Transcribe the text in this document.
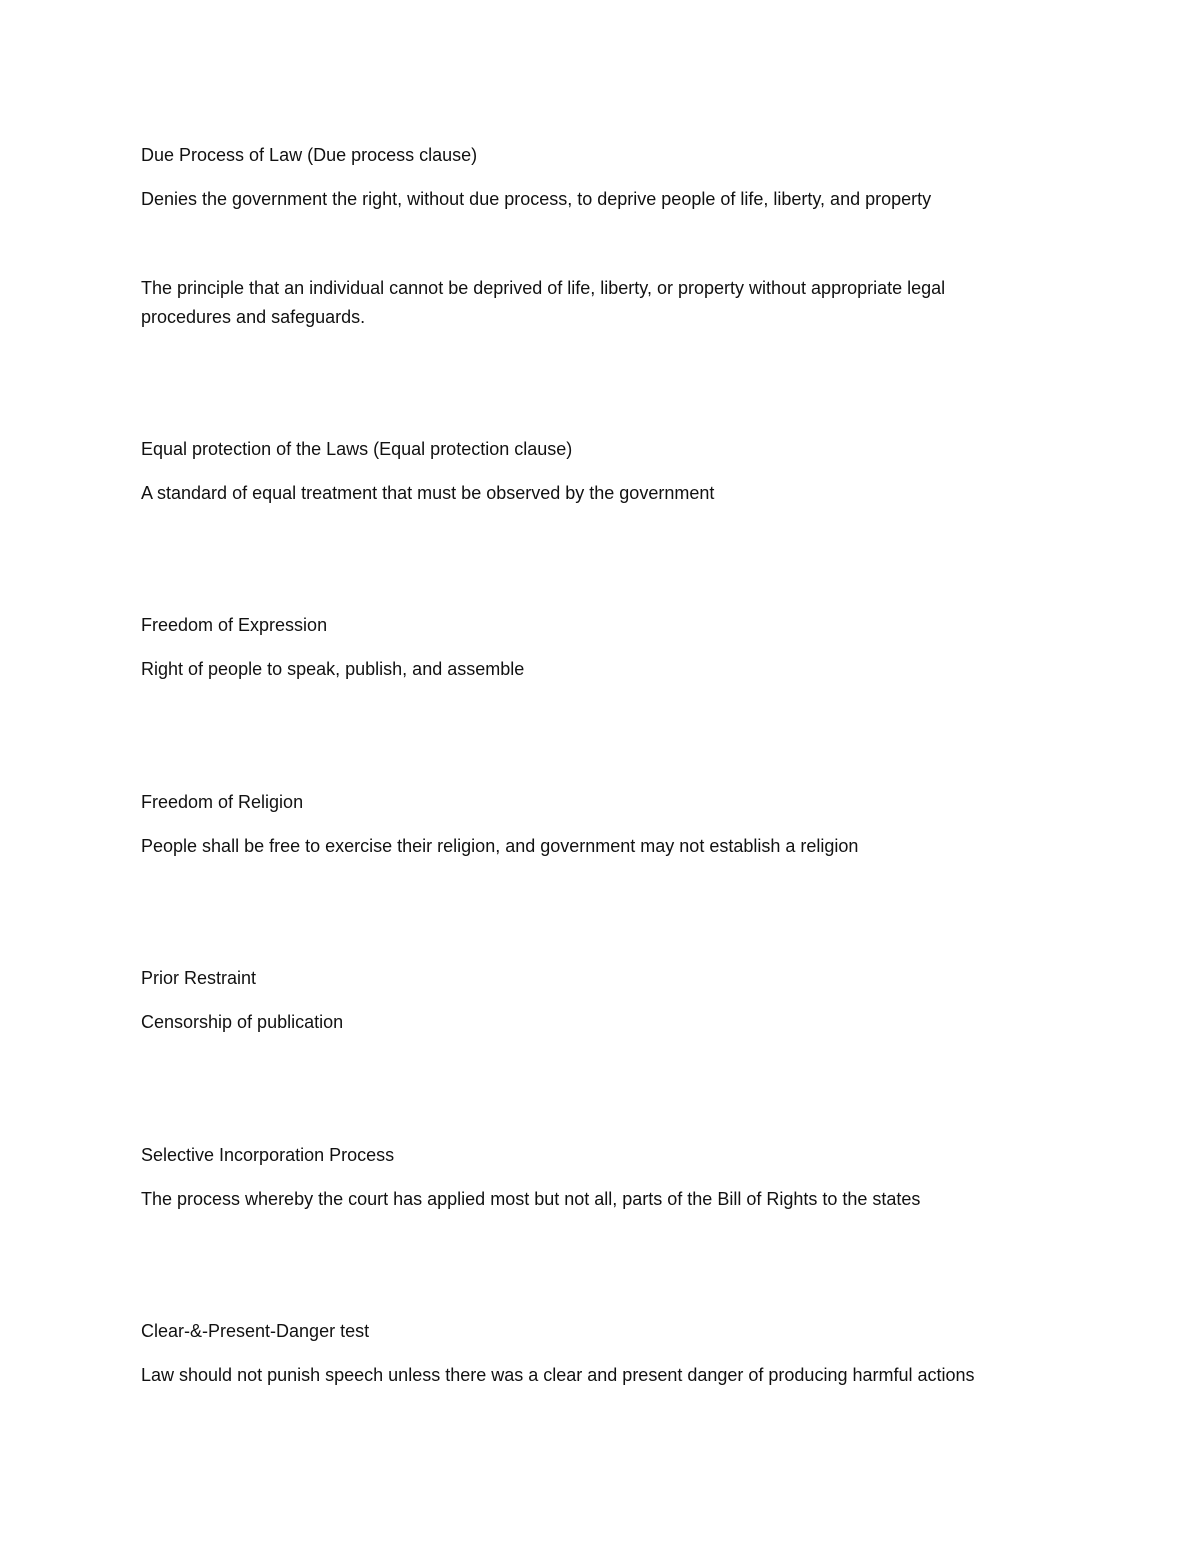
Due Process of Law (Due process clause)

Denies the government the right, without due process, to deprive people of life, liberty, and property

The principle that an individual cannot be deprived of life, liberty, or property without appropriate legal

procedures and safeguards.

Equal protection of the Laws (Equal protection clause)

A standard of equal treatment that must be observed by the government

Freedom of Expression

Right of people to speak, publish, and assemble

Freedom of Religion

People shall be free to exercise their religion, and government may not establish a religion

Prior Restraint

Censorship of publication

Selective Incorporation Process

The process whereby the court has applied most but not all, parts of the Bill of Rights to the states

Clear-&-Present-Danger test

Law should not punish speech unless there was a clear and present danger of producing harmful actions
